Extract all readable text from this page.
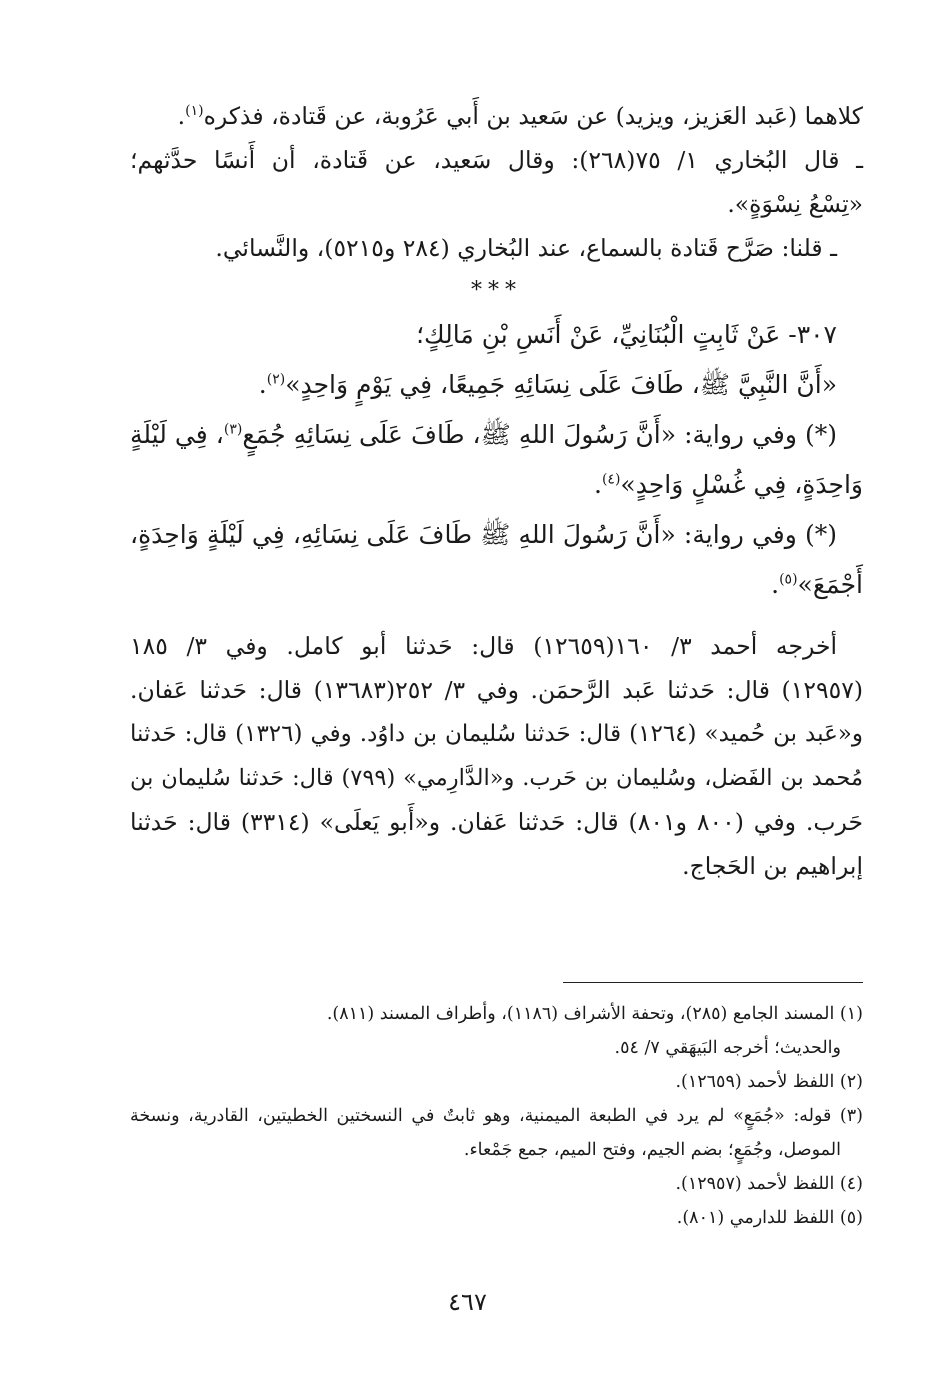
كلاهما (عَبد العَزيز، ويزيد) عن سَعيد بن أَبي عَرُوبة، عن قَتادة، فذكره$^{(١)}$.
ـ قال البُخاري ١/ ٧٥(٢٦٨): وقال سَعيد، عن قَتادة، أن أَنسًا حدَّثهم؛
«تِسْعُ نِسْوَةٍ».
ـ قلنا: صَرَّح قَتادة بالسماع، عند البُخاري (٢٨٤ و٥٢١٥)، والنَّسائي.
***
٣٠٧- عَنْ ثَابِتٍ الْبُنَانِيِّ، عَنْ أَنَسِ بْنِ مَالِكٍ؛
«أَنَّ النَّبِيَّ ﷺ، طَافَ عَلَى نِسَائِهِ جَمِيعًا، فِي يَوْمٍ وَاحِدٍ»$^{(٢)}$.
(*) وفي رواية: «أَنَّ رَسُولَ اللهِ ﷺ، طَافَ عَلَى نِسَائِهِ جُمَعٍ$^{(٣)}$، فِي لَيْلَةٍ
وَاحِدَةٍ، فِي غُسْلٍ وَاحِدٍ»$^{(٤)}$.
(*) وفي رواية: «أَنَّ رَسُولَ اللهِ ﷺ طَافَ عَلَى نِسَائِهِ، فِي لَيْلَةٍ وَاحِدَةٍ،
أَجْمَعَ»$^{(٥)}$.
أخرجه أحمد ٣/ ١٦٠(١٢٦٥٩) قال: حَدثنا أبو كامل. وفي ٣/ ١٨٥
(١٢٩٥٧) قال: حَدثنا عَبد الرَّحمَن. وفي ٣/ ٢٥٢(١٣٦٨٣) قال: حَدثنا عَفان.
و«عَبد بن حُميد» (١٢٦٤) قال: حَدثنا سُليمان بن داوُد. وفي (١٣٢٦) قال: حَدثنا
مُحمد بن الفَضل، وسُليمان بن حَرب. و«الدَّارِمي» (٧٩٩) قال: حَدثنا سُليمان بن
حَرب. وفي (٨٠٠ و٨٠١) قال: حَدثنا عَفان. و«أَبو يَعلَى» (٣٣١٤) قال: حَدثنا
إبراهيم بن الحَجاج.
(١) المسند الجامع (٢٨٥)، وتحفة الأشراف (١١٨٦)، وأطراف المسند (٨١١).
والحديث؛ أخرجه البَيهَقي ٧/ ٥٤.
(٢) اللفظ لأحمد (١٢٦٥٩).
(٣) قوله: «جُمَعٍ» لم يرد في الطبعة الميمنية، وهو ثابتٌ في النسختين الخطيتين، القادرية، ونسخة
الموصل، وجُمَعٍ؛ بضم الجيم، وفتح الميم، جمع جَمْعاء.
(٤) اللفظ لأحمد (١٢٩٥٧).
(٥) اللفظ للدارمي (٨٠١).
٤٦٧
